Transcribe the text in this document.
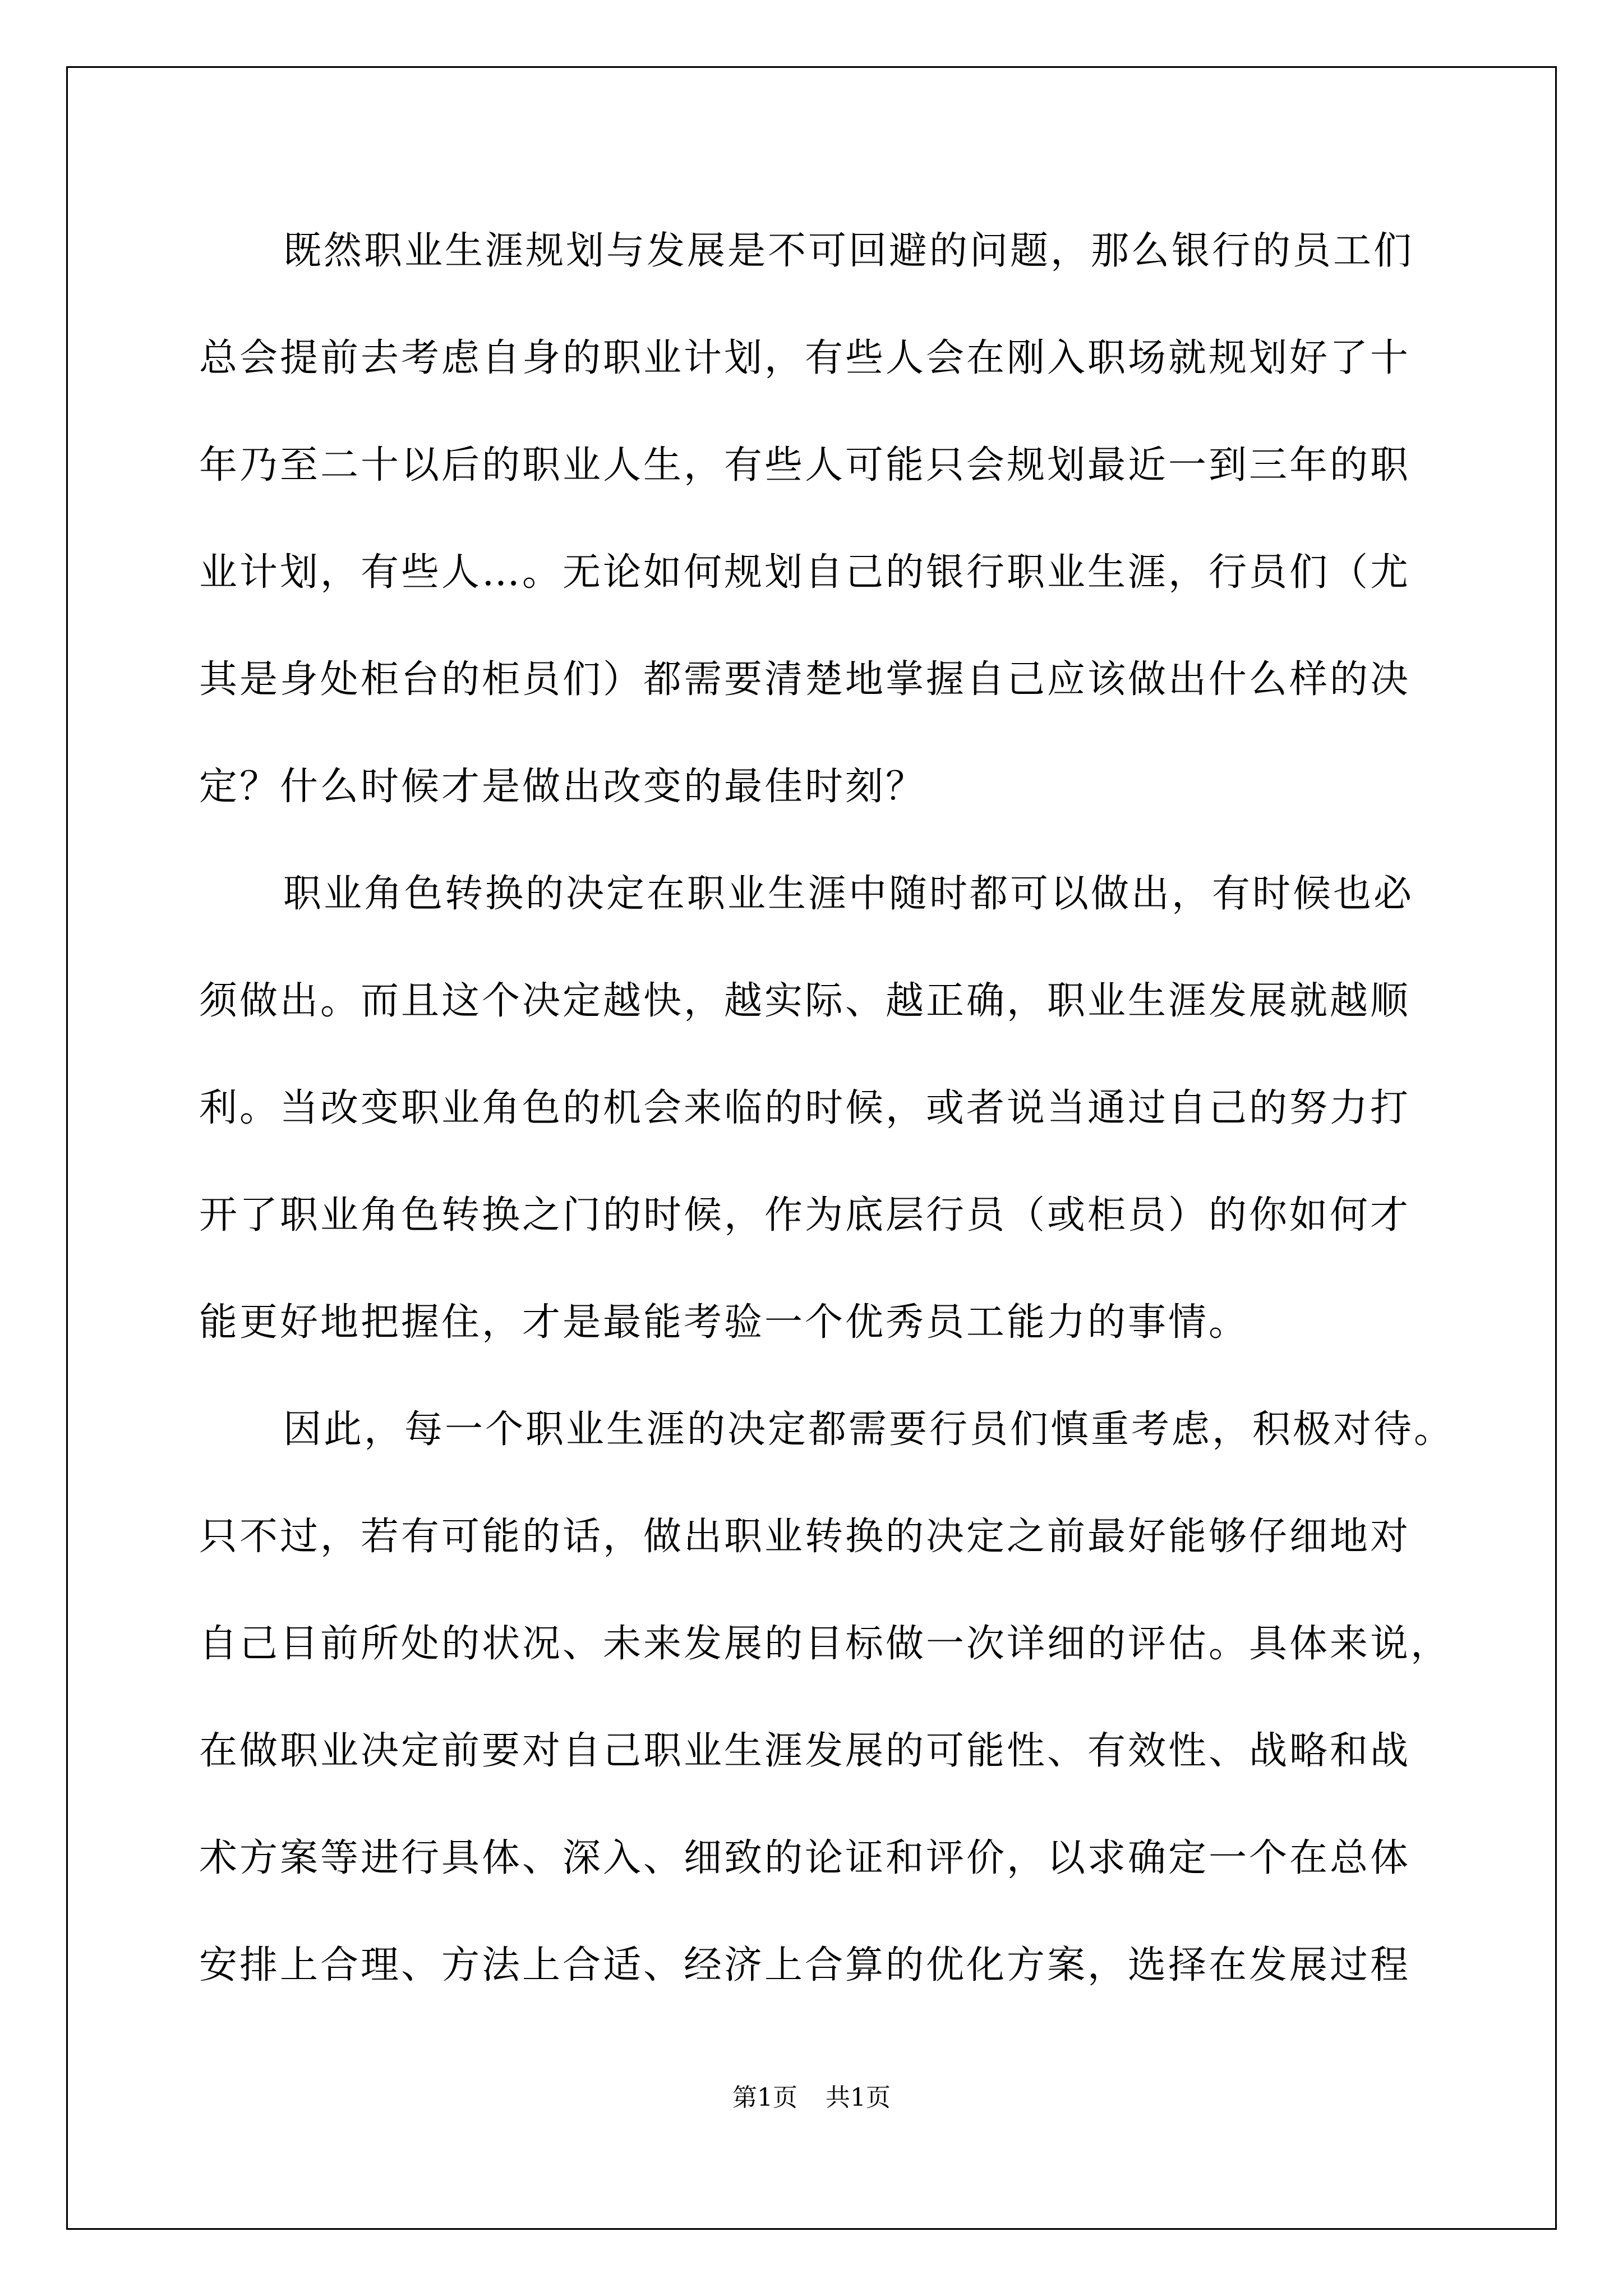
既然职业生涯规划与发展是不可回避的问题，那么银行的员工们
总会提前去考虑自身的职业计划，有些人会在刚入职场就规划好了十
年乃至二十以后的职业人生，有些人可能只会规划最近一到三年的职
业计划，有些人…。无论如何规划自己的银行职业生涯，行员们（尤
其是身处柜台的柜员们）都需要清楚地掌握自己应该做出什么样的决
定？什么时候才是做出改变的最佳时刻？
职业角色转换的决定在职业生涯中随时都可以做出，有时候也必
须做出。而且这个决定越快，越实际、越正确，职业生涯发展就越顺
利。当改变职业角色的机会来临的时候，或者说当通过自己的努力打
开了职业角色转换之门的时候，作为底层行员（或柜员）的你如何才
能更好地把握住，才是最能考验一个优秀员工能力的事情。
因此，每一个职业生涯的决定都需要行员们慎重考虑，积极对待。
只不过，若有可能的话，做出职业转换的决定之前最好能够仔细地对
自己目前所处的状况、未来发展的目标做一次详细的评估。具体来说，
在做职业决定前要对自己职业生涯发展的可能性、有效性、战略和战
术方案等进行具体、深入、细致的论证和评价，以求确定一个在总体
安排上合理、方法上合适、经济上合算的优化方案，选择在发展过程
第1页 共1页
